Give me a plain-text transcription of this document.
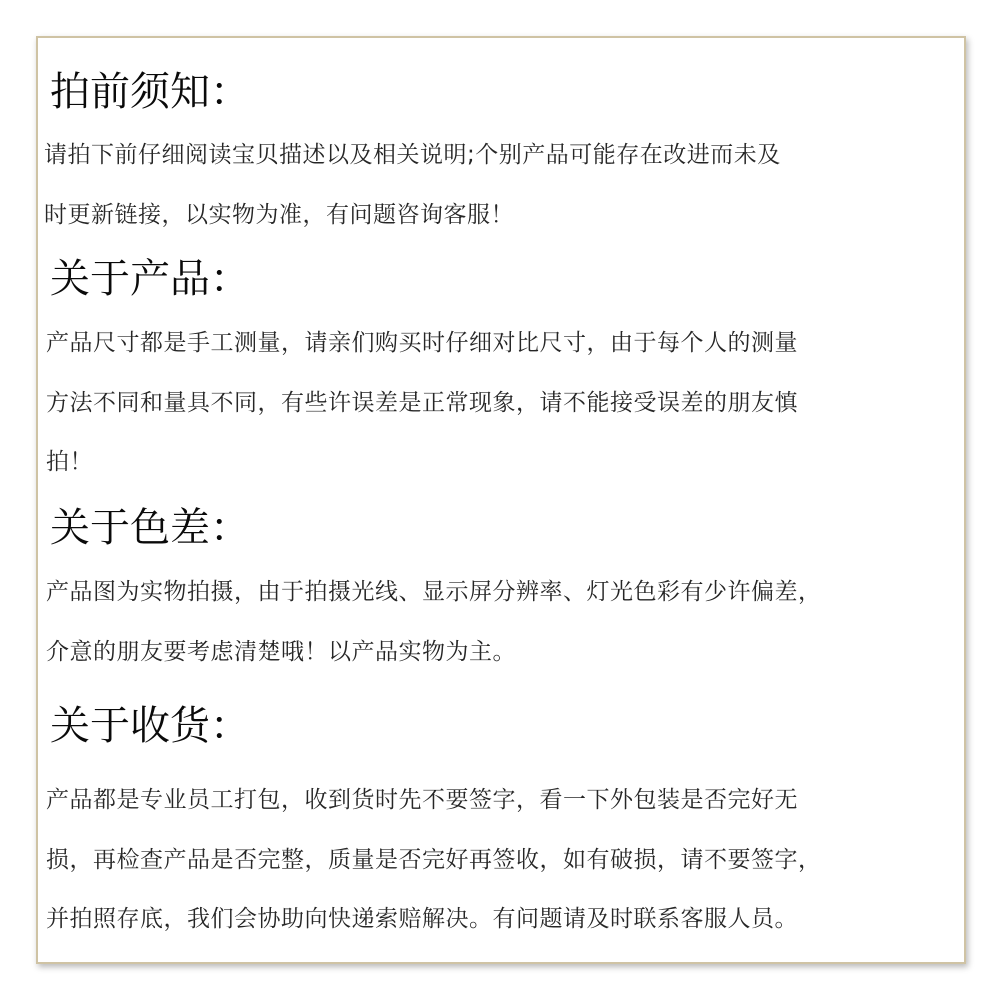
拍前须知：

请拍下前仔细阅读宝贝描述以及相关说明;个别产品可能存在改进而未及
时更新链接，以实物为准，有问题咨询客服！

关于产品：

产品尺寸都是手工测量，请亲们购买时仔细对比尺寸，由于每个人的测量
方法不同和量具不同，有些许误差是正常现象，请不能接受误差的朋友慎
拍！

关于色差：

产品图为实物拍摄，由于拍摄光线、显示屏分辨率、灯光色彩有少许偏差，
介意的朋友要考虑清楚哦！以产品实物为主。

关于收货：

产品都是专业员工打包，收到货时先不要签字，看一下外包装是否完好无
损，再检查产品是否完整，质量是否完好再签收，如有破损，请不要签字，
并拍照存底，我们会协助向快递索赔解决。有问题请及时联系客服人员。
